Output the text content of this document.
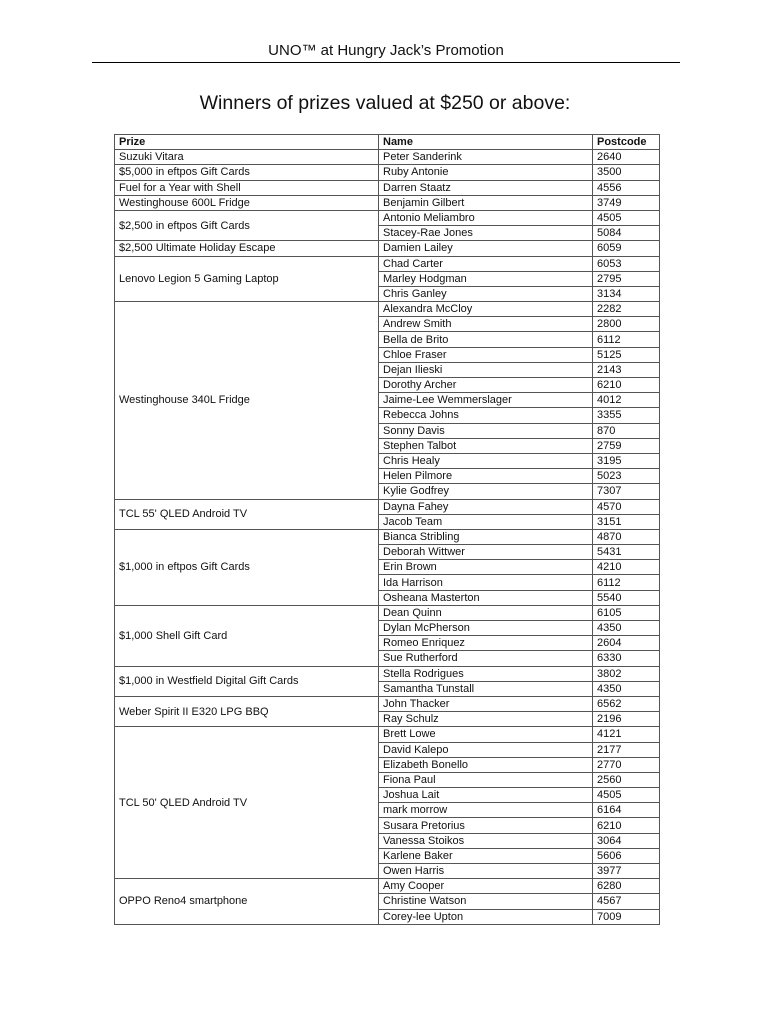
UNO™ at Hungry Jack’s Promotion
Winners of prizes valued at $250 or above:
Prize	Name	Postcode
Suzuki Vitara	Peter Sanderink	2640
$5,000 in eftpos Gift Cards	Ruby Antonie	3500
Fuel for a Year with Shell	Darren Staatz	4556
Westinghouse 600L Fridge	Benjamin Gilbert	3749
$2,500 in eftpos Gift Cards	Antonio Meliambro	4505
	Stacey-Rae Jones	5084
$2,500 Ultimate Holiday Escape	Damien Lailey	6059
Lenovo Legion 5 Gaming Laptop	Chad Carter	6053
	Marley Hodgman	2795
	Chris Ganley	3134
Westinghouse 340L Fridge	Alexandra McCloy	2282
	Andrew Smith	2800
	Bella de Brito	6112
	Chloe Fraser	5125
	Dejan Ilieski	2143
	Dorothy Archer	6210
	Jaime-Lee Wemmerslager	4012
	Rebecca Johns	3355
	Sonny Davis	870
	Stephen Talbot	2759
	Chris Healy	3195
	Helen Pilmore	5023
	Kylie Godfrey	7307
TCL 55' QLED Android TV	Dayna Fahey	4570
	Jacob Team	3151
$1,000 in eftpos Gift Cards	Bianca Stribling	4870
	Deborah Wittwer	5431
	Erin Brown	4210
	Ida Harrison	6112
	Osheana Masterton	5540
$1,000 Shell Gift Card	Dean Quinn	6105
	Dylan McPherson	4350
	Romeo Enriquez	2604
	Sue Rutherford	6330
$1,000 in Westfield Digital Gift Cards	Stella Rodrigues	3802
	Samantha Tunstall	4350
Weber Spirit II E320 LPG BBQ	John Thacker	6562
	Ray Schulz	2196
TCL 50' QLED Android TV	Brett Lowe	4121
	David Kalepo	2177
	Elizabeth Bonello	2770
	Fiona Paul	2560
	Joshua Lait	4505
	mark morrow	6164
	Susara Pretorius	6210
	Vanessa Stoikos	3064
	Karlene Baker	5606
	Owen Harris	3977
OPPO Reno4 smartphone	Amy Cooper	6280
	Christine Watson	4567
	Corey-lee Upton	7009
